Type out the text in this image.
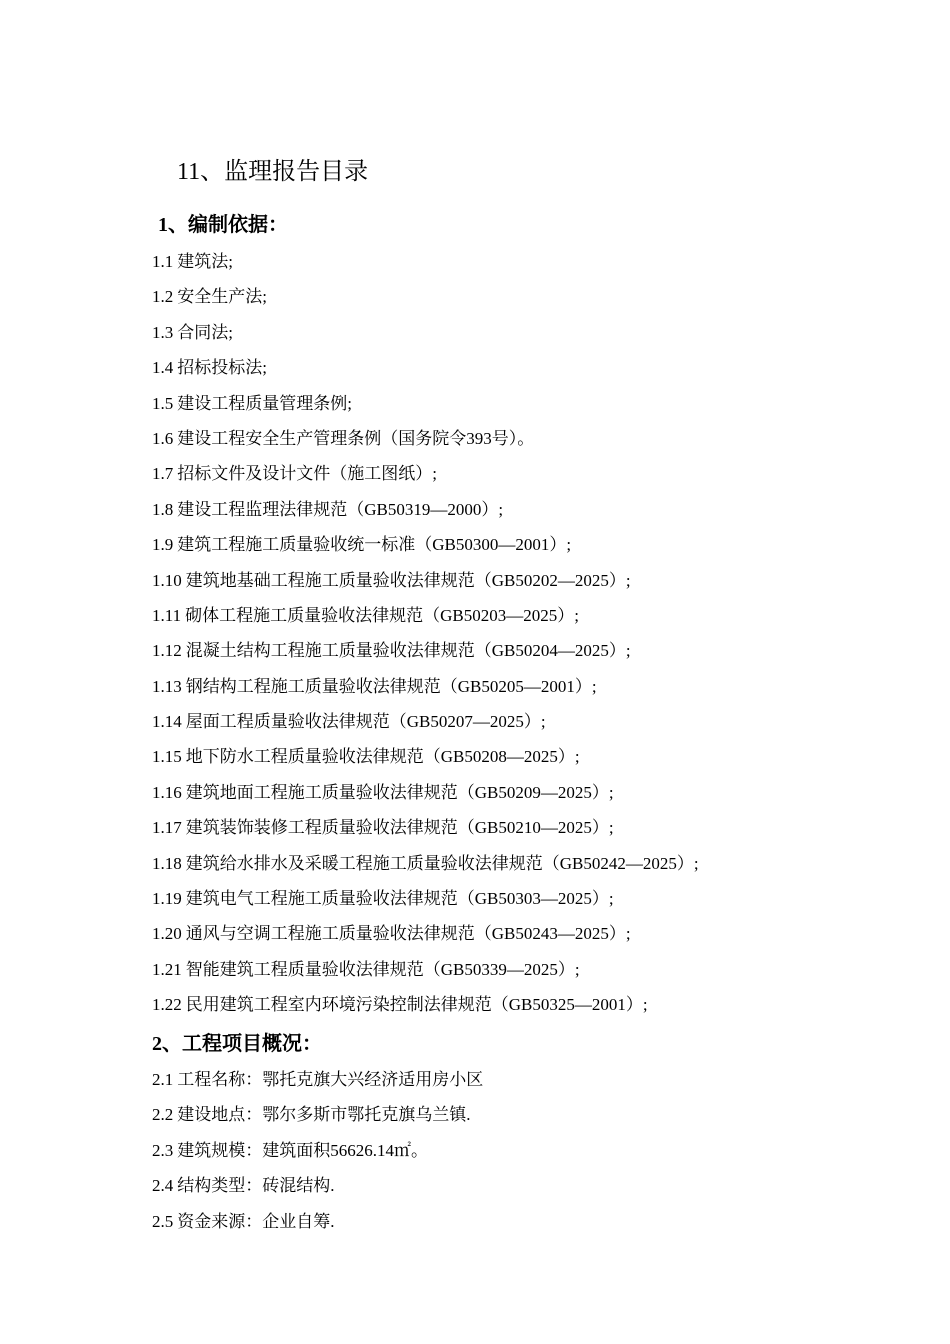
11、监理报告目录
1、编制依据：
1.1建筑法;
1.2 安全生产法;
1.3 合同法;
1.4 招标投标法;
1.5 建设工程质量管理条例;
1.6 建设工程安全生产管理条例（国务院令393号）。
1.7 招标文件及设计文件（施工图纸）;
1.8 建设工程监理法律规范（GB50319—2000）;
1.9 建筑工程施工质量验收统一标准（GB50300—2001）;
1.10 建筑地基础工程施工质量验收法律规范（GB50202—2025）;
1.11 砌体工程施工质量验收法律规范（GB50203—2025）;
1.12 混凝土结构工程施工质量验收法律规范（GB50204—2025）;
1.13 钢结构工程施工质量验收法律规范（GB50205—2001）;
1.14 屋面工程质量验收法律规范（GB50207—2025）;
1.15 地下防水工程质量验收法律规范（GB50208—2025）;
1.16 建筑地面工程施工质量验收法律规范（GB50209—2025）;
1.17 建筑装饰装修工程质量验收法律规范（GB50210—2025）;
1.18 建筑给水排水及采暖工程施工质量验收法律规范（GB50242—2025）;
1.19 建筑电气工程施工质量验收法律规范（GB50303—2025）;
1.20 通风与空调工程施工质量验收法律规范（GB50243—2025）;
1.21 智能建筑工程质量验收法律规范（GB50339—2025）;
1.22 民用建筑工程室内环境污染控制法律规范（GB50325—2001）;
2、工程项目概况：
2.1 工程名称：鄂托克旗大兴经济适用房小区
2.2 建设地点：鄂尔多斯市鄂托克旗乌兰镇.
2.3 建筑规模：建筑面积56626.14㎡。
2.4 结构类型：砖混结构.
2.5 资金来源：企业自筹.
